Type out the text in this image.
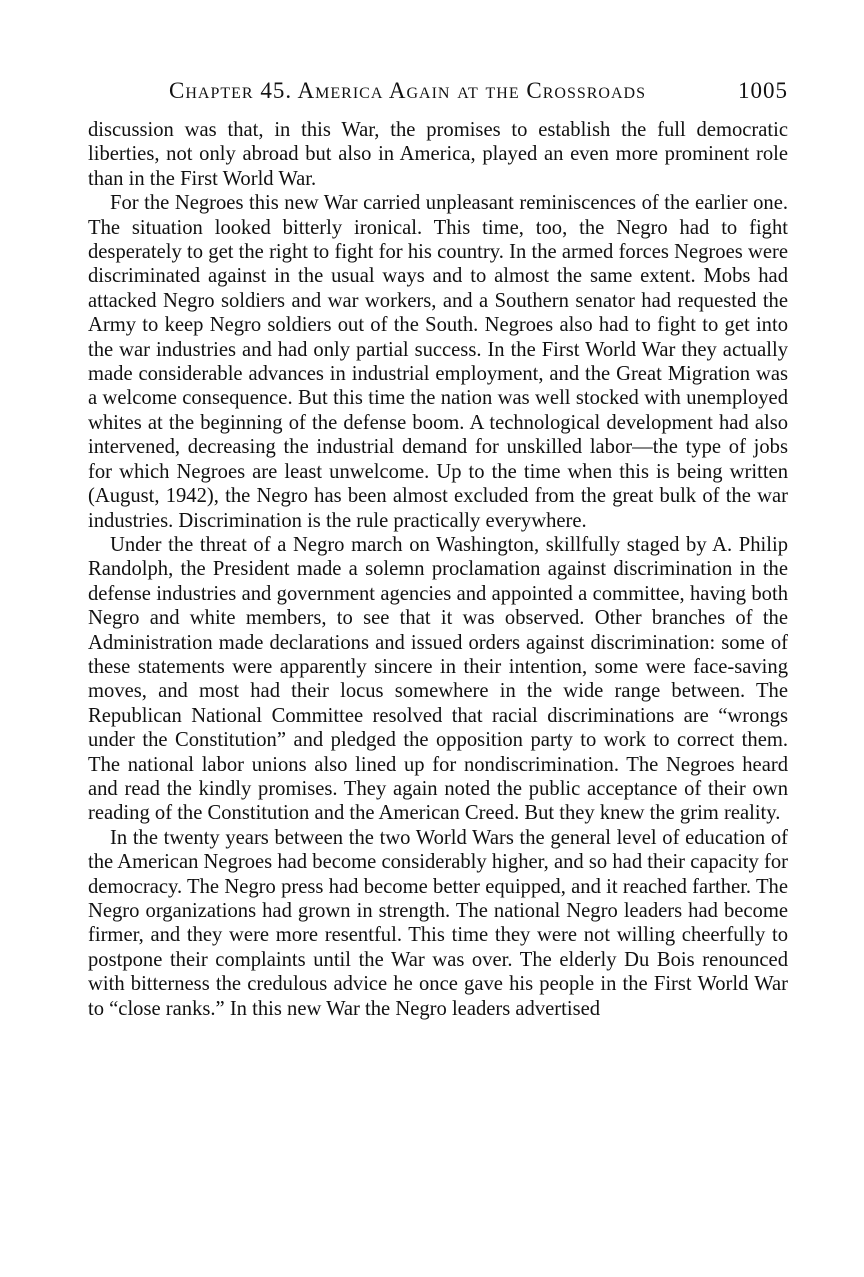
Chapter 45. America Again at the Crossroads	1005

discussion was that, in this War, the promises to establish the full democratic liberties, not only abroad but also in America, played an even more prominent role than in the First World War.

For the Negroes this new War carried unpleasant reminiscences of the earlier one. The situation looked bitterly ironical. This time, too, the Negro had to fight desperately to get the right to fight for his country. In the armed forces Negroes were discriminated against in the usual ways and to almost the same extent. Mobs had attacked Negro soldiers and war workers, and a Southern senator had requested the Army to keep Negro soldiers out of the South. Negroes also had to fight to get into the war industries and had only partial success. In the First World War they actually made considerable advances in industrial employment, and the Great Migration was a welcome consequence. But this time the nation was well stocked with unemployed whites at the beginning of the defense boom. A technological development had also intervened, decreasing the industrial demand for unskilled labor—the type of jobs for which Negroes are least unwelcome. Up to the time when this is being written (August, 1942), the Negro has been almost excluded from the great bulk of the war industries. Discrimination is the rule practically everywhere.

Under the threat of a Negro march on Washington, skillfully staged by A. Philip Randolph, the President made a solemn proclamation against discrimination in the defense industries and government agencies and appointed a committee, having both Negro and white members, to see that it was observed. Other branches of the Administration made declarations and issued orders against discrimination: some of these statements were apparently sincere in their intention, some were face-saving moves, and most had their locus somewhere in the wide range between. The Republican National Committee resolved that racial discriminations are “wrongs under the Constitution” and pledged the opposition party to work to correct them. The national labor unions also lined up for nondiscrimination. The Negroes heard and read the kindly promises. They again noted the public acceptance of their own reading of the Constitution and the American Creed. But they knew the grim reality.

In the twenty years between the two World Wars the general level of education of the American Negroes had become considerably higher, and so had their capacity for democracy. The Negro press had become better equipped, and it reached farther. The Negro organizations had grown in strength. The national Negro leaders had become firmer, and they were more resentful. This time they were not willing cheerfully to postpone their complaints until the War was over. The elderly Du Bois renounced with bitterness the credulous advice he once gave his people in the First World War to “close ranks.” In this new War the Negro leaders advertised
